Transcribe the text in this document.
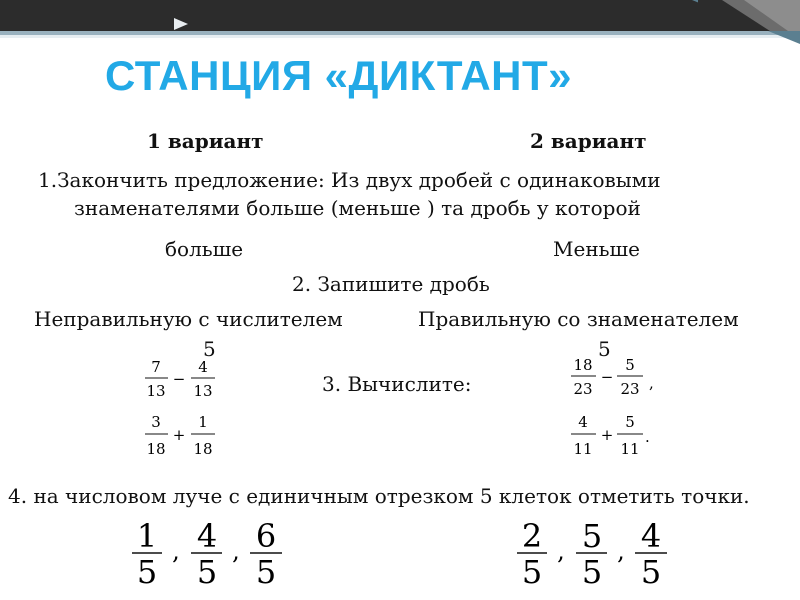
СТАНЦИЯ «ДИКТАНТ»
1 вариант	2 вариант
1.Закончить предложение: Из двух дробей с одинаковыми
знаменателями больше (меньше ) та дробь у которой
больше	Меньше
2. Запишите дробь
Неправильную с числителем	Правильную со знаменателем
5	5
3. Вычислите:
7
13
−
4
13
3
18
+
1
18
18
23
−
5
23 ,
4
11
+
5
11
.
4. на числовом луче с единичным отрезком 5 клеток отметить точки.
1
5
, 4
5
, 6
5
2
5
, 5
5
, 4
5
